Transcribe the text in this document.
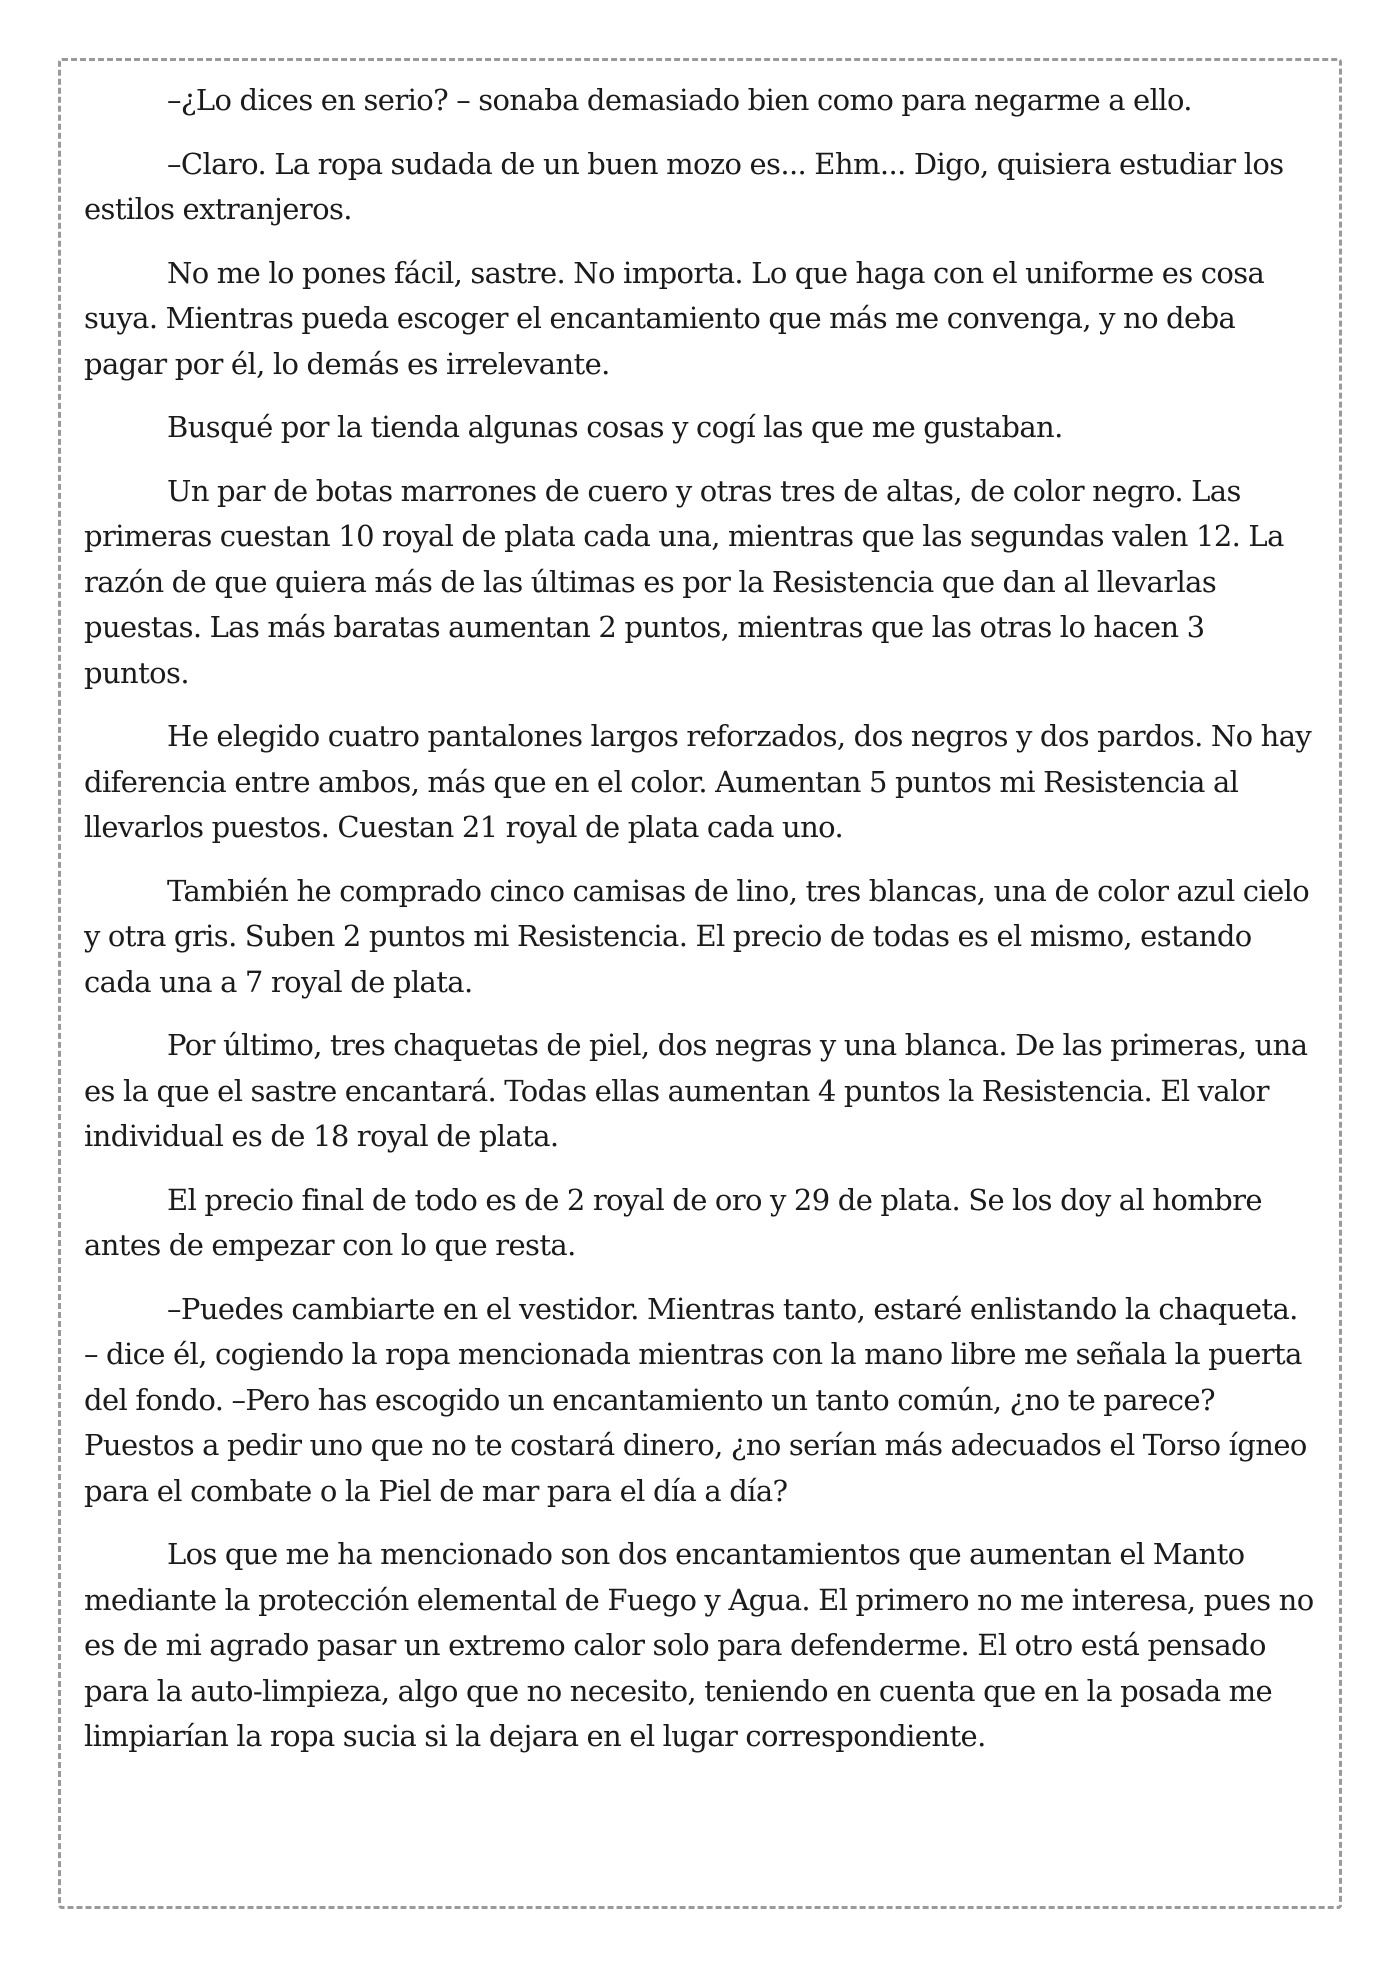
–¿Lo dices en serio? – sonaba demasiado bien como para negarme a ello.

–Claro. La ropa sudada de un buen mozo es... Ehm... Digo, quisiera estudiar los estilos extranjeros.

No me lo pones fácil, sastre. No importa. Lo que haga con el uniforme es cosa suya. Mientras pueda escoger el encantamiento que más me convenga, y no deba pagar por él, lo demás es irrelevante.

Busqué por la tienda algunas cosas y cogí las que me gustaban.

Un par de botas marrones de cuero y otras tres de altas, de color negro. Las primeras cuestan 10 royal de plata cada una, mientras que las segundas valen 12. La razón de que quiera más de las últimas es por la Resistencia que dan al llevarlas puestas. Las más baratas aumentan 2 puntos, mientras que las otras lo hacen 3 puntos.

He elegido cuatro pantalones largos reforzados, dos negros y dos pardos. No hay diferencia entre ambos, más que en el color. Aumentan 5 puntos mi Resistencia al llevarlos puestos. Cuestan 21 royal de plata cada uno.

También he comprado cinco camisas de lino, tres blancas, una de color azul cielo y otra gris. Suben 2 puntos mi Resistencia. El precio de todas es el mismo, estando cada una a 7 royal de plata.

Por último, tres chaquetas de piel, dos negras y una blanca. De las primeras, una es la que el sastre encantará. Todas ellas aumentan 4 puntos la Resistencia. El valor individual es de 18 royal de plata.

El precio final de todo es de 2 royal de oro y 29 de plata. Se los doy al hombre antes de empezar con lo que resta.

–Puedes cambiarte en el vestidor. Mientras tanto, estaré enlistando la chaqueta. – dice él, cogiendo la ropa mencionada mientras con la mano libre me señala la puerta del fondo. –Pero has escogido un encantamiento un tanto común, ¿no te parece? Puestos a pedir uno que no te costará dinero, ¿no serían más adecuados el Torso ígneo para el combate o la Piel de mar para el día a día?

Los que me ha mencionado son dos encantamientos que aumentan el Manto mediante la protección elemental de Fuego y Agua. El primero no me interesa, pues no es de mi agrado pasar un extremo calor solo para defenderme. El otro está pensado para la auto-limpieza, algo que no necesito, teniendo en cuenta que en la posada me limpiarían la ropa sucia si la dejara en el lugar correspondiente.
